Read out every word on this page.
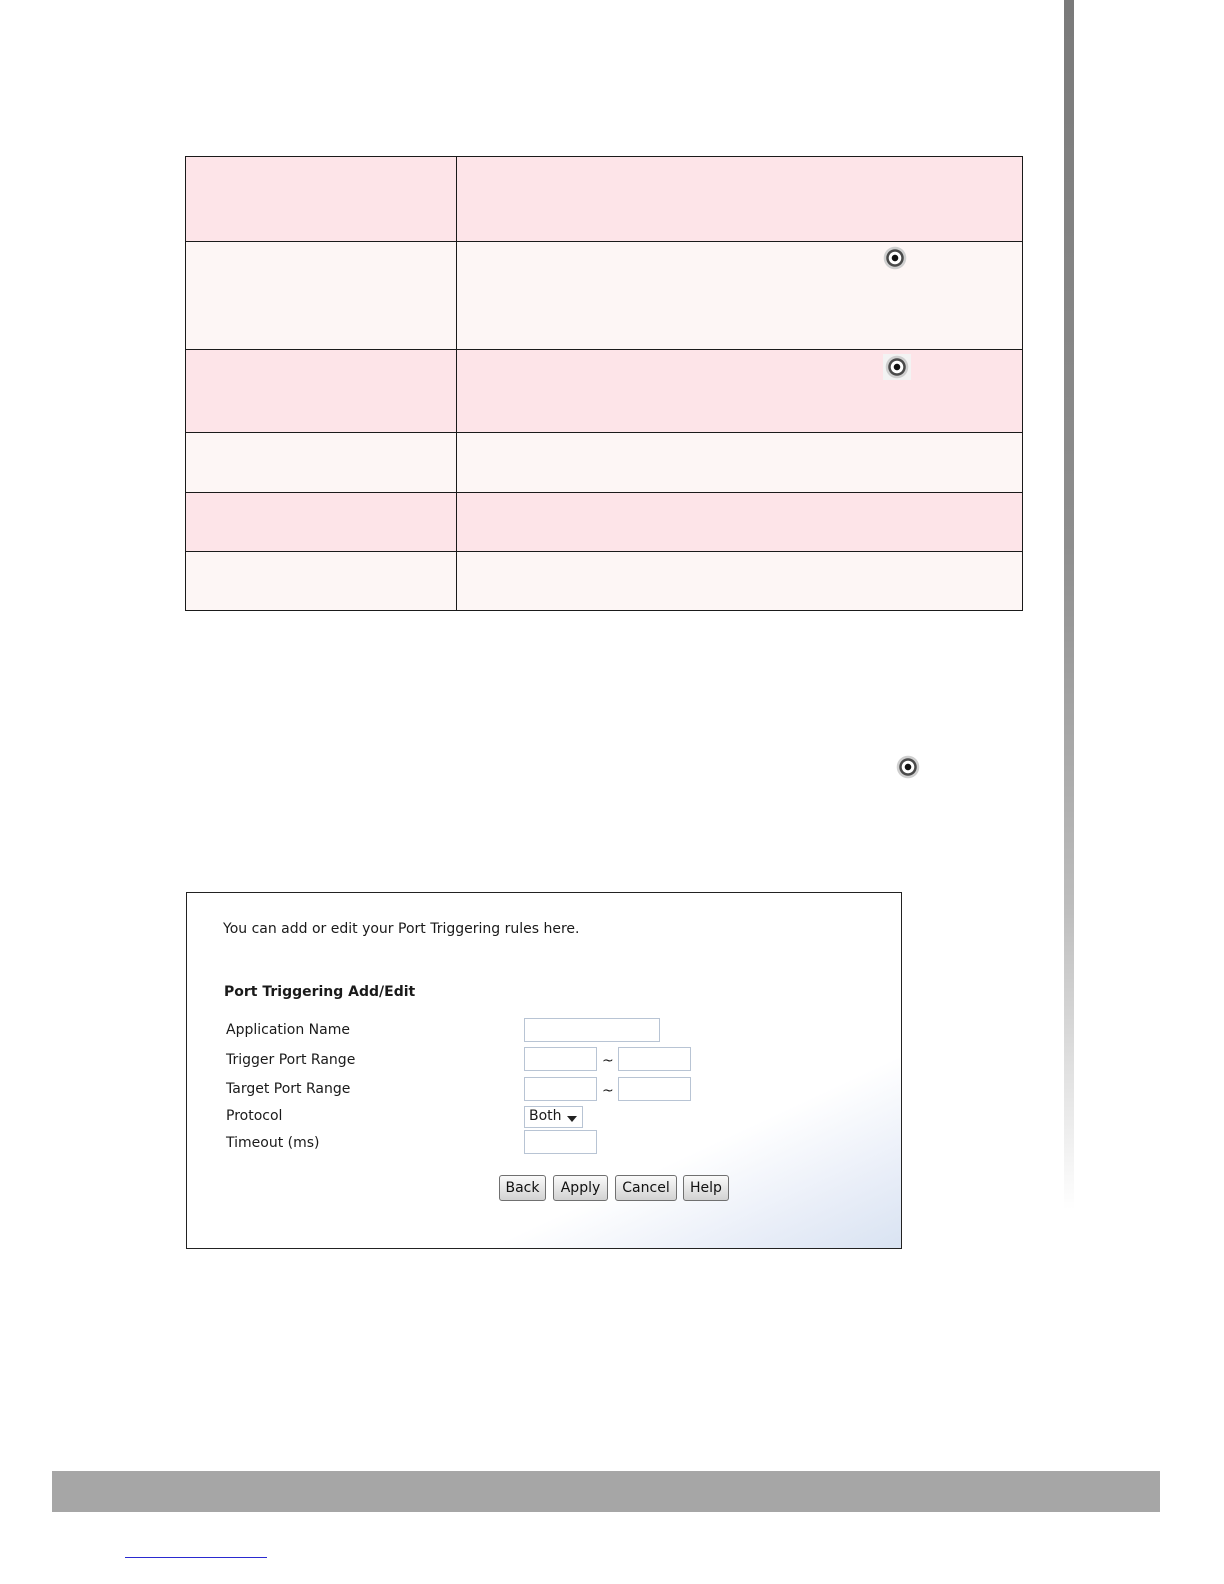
You can add or edit your Port Triggering rules here.
Port Triggering Add/Edit
Application Name
Trigger Port Range	~
Target Port Range	~
Protocol	Both
Timeout (ms)
Back	Apply	Cancel	Help
